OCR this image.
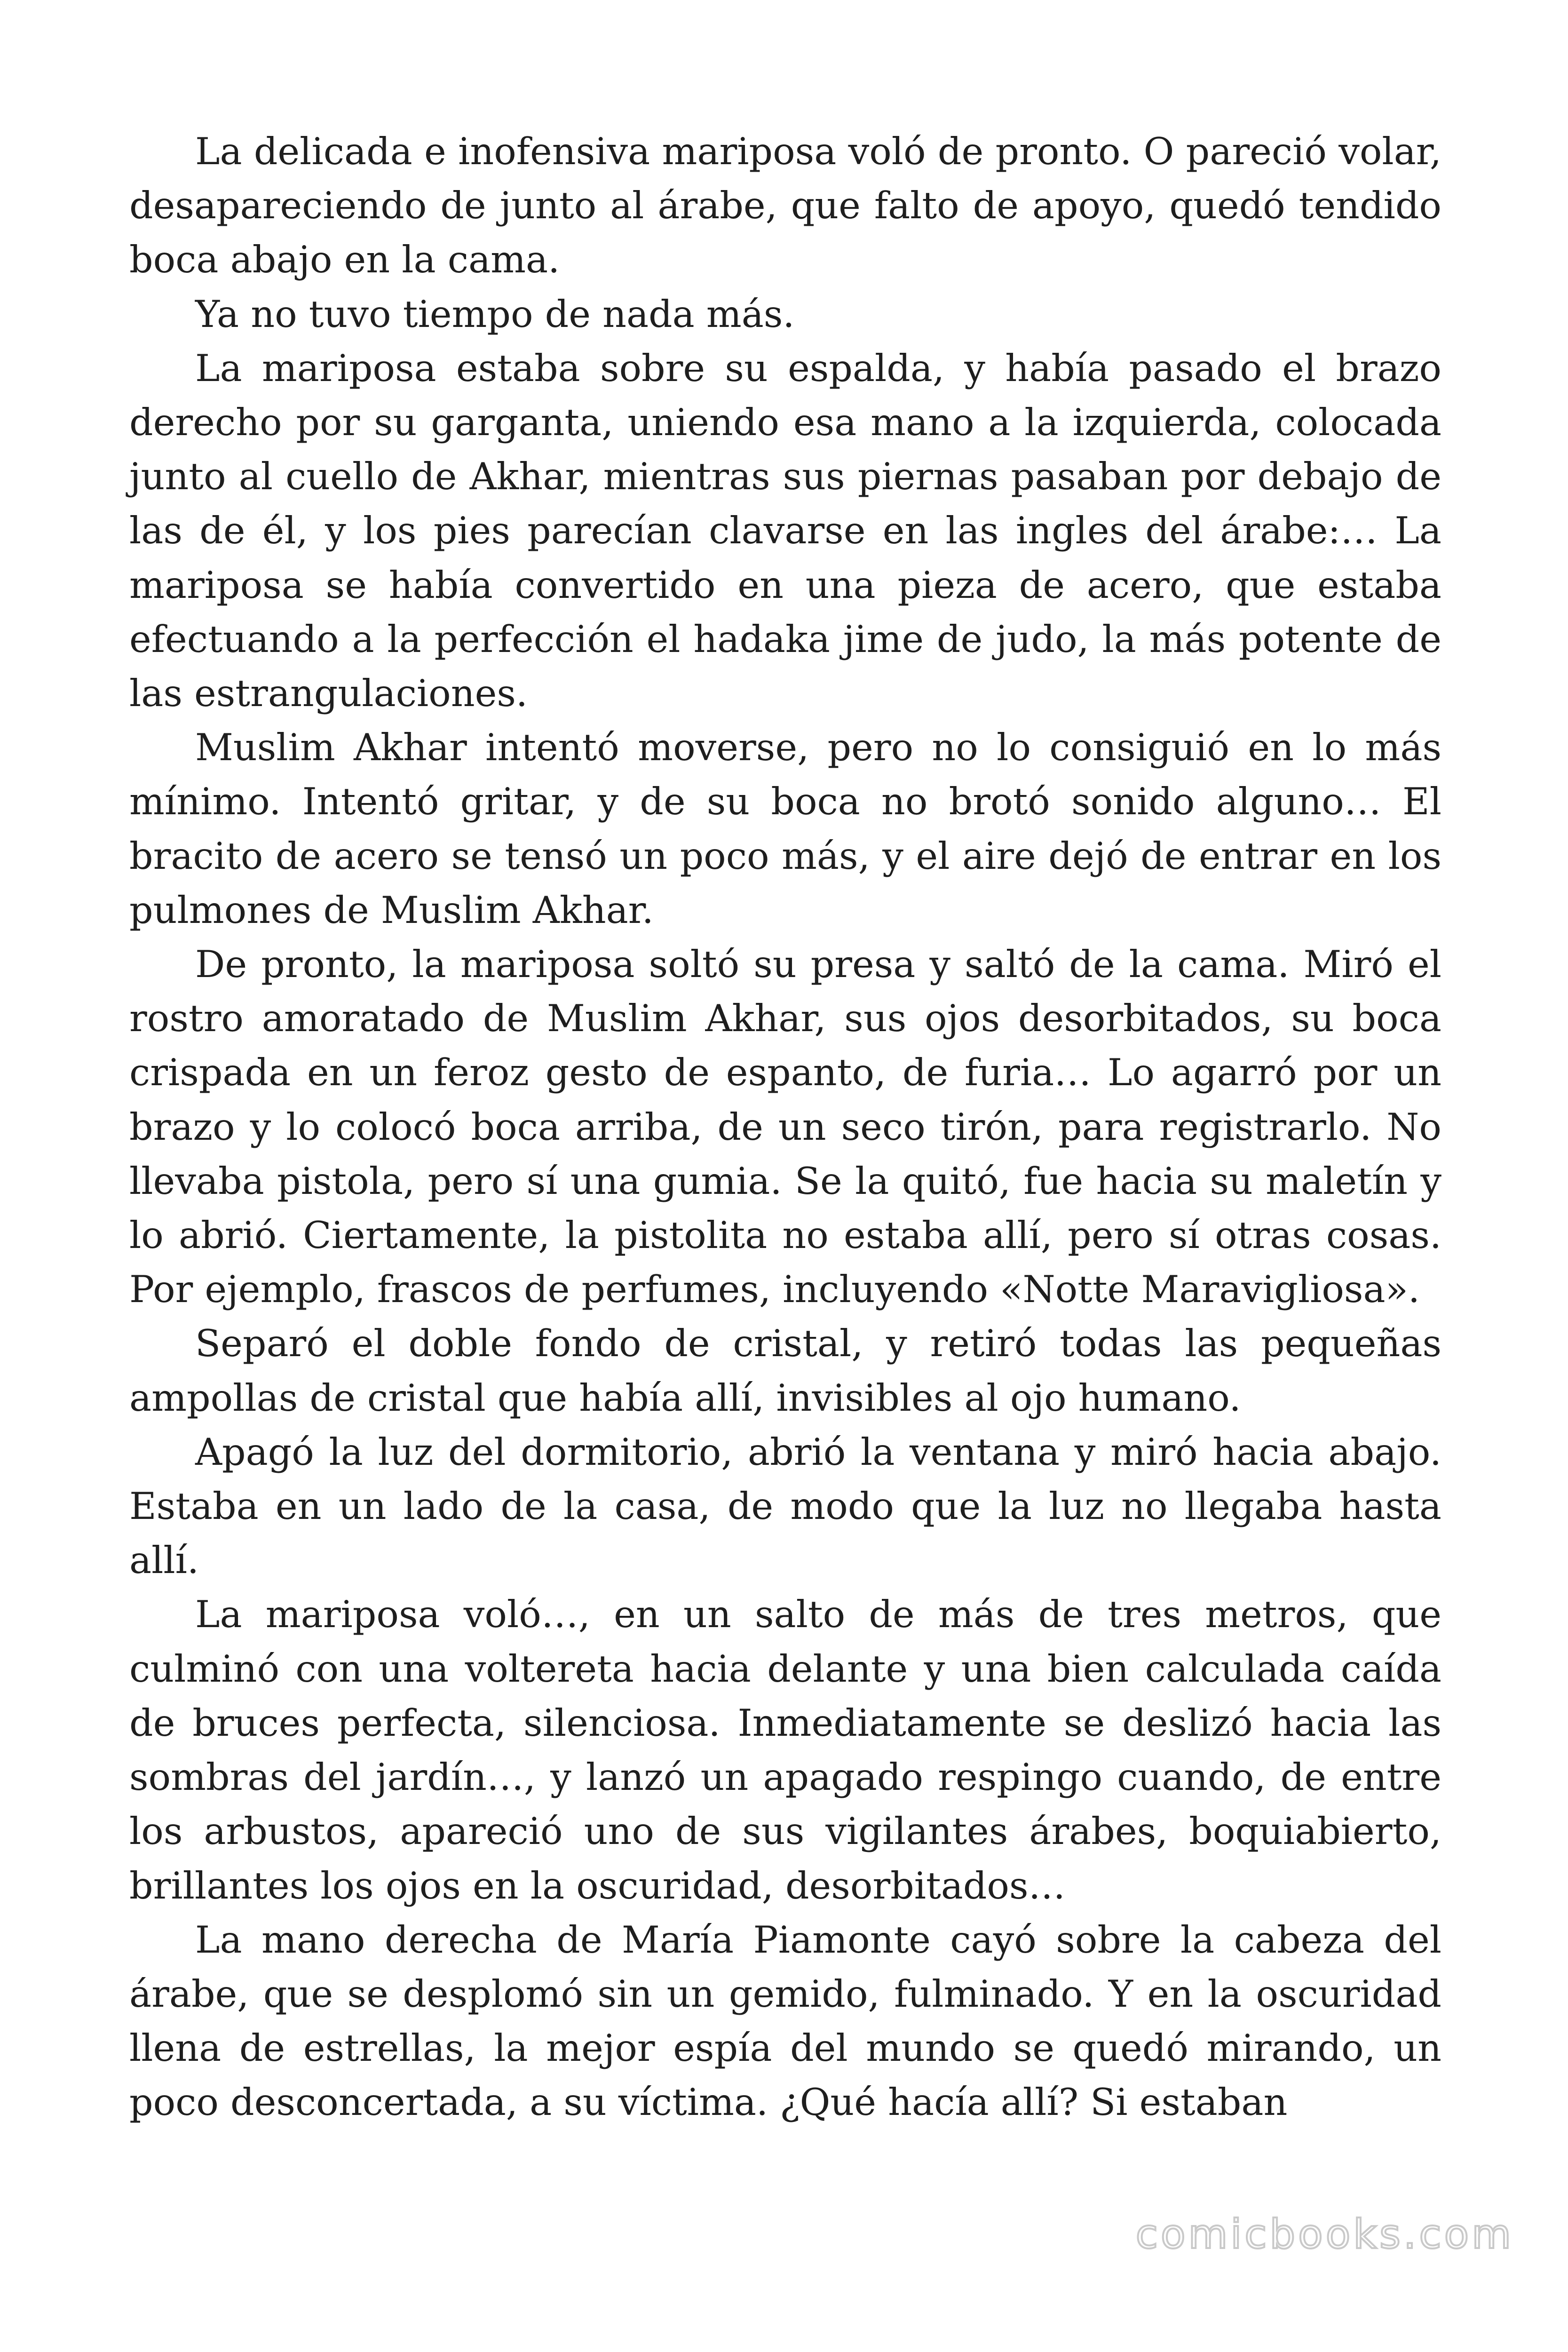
La delicada e inofensiva mariposa voló de pronto. O pareció volar, desapareciendo de junto al árabe, que falto de apoyo, quedó tendido boca abajo en la cama.

Ya no tuvo tiempo de nada más.

La mariposa estaba sobre su espalda, y había pasado el brazo derecho por su garganta, uniendo esa mano a la izquierda, colocada junto al cuello de Akhar, mientras sus piernas pasaban por debajo de las de él, y los pies parecían clavarse en las ingles del árabe:… La mariposa se había convertido en una pieza de acero, que estaba efectuando a la perfección el hadaka jime de judo, la más potente de las estrangulaciones.

Muslim Akhar intentó moverse, pero no lo consiguió en lo más mínimo. Intentó gritar, y de su boca no brotó sonido alguno… El bracito de acero se tensó un poco más, y el aire dejó de entrar en los pulmones de Muslim Akhar.

De pronto, la mariposa soltó su presa y saltó de la cama. Miró el rostro amoratado de Muslim Akhar, sus ojos desorbitados, su boca crispada en un feroz gesto de espanto, de furia… Lo agarró por un brazo y lo colocó boca arriba, de un seco tirón, para registrarlo. No llevaba pistola, pero sí una gumia. Se la quitó, fue hacia su maletín y lo abrió. Ciertamente, la pistolita no estaba allí, pero sí otras cosas. Por ejemplo, frascos de perfumes, incluyendo «Notte Maravigliosa».

Separó el doble fondo de cristal, y retiró todas las pequeñas ampollas de cristal que había allí, invisibles al ojo humano.

Apagó la luz del dormitorio, abrió la ventana y miró hacia abajo. Estaba en un lado de la casa, de modo que la luz no llegaba hasta allí.

La mariposa voló…, en un salto de más de tres metros, que culminó con una voltereta hacia delante y una bien calculada caída de bruces perfecta, silenciosa. Inmediatamente se deslizó hacia las sombras del jardín…, y lanzó un apagado respingo cuando, de entre los arbustos, apareció uno de sus vigilantes árabes, boquiabierto, brillantes los ojos en la oscuridad, desorbitados…

La mano derecha de María Piamonte cayó sobre la cabeza del árabe, que se desplomó sin un gemido, fulminado. Y en la oscuridad llena de estrellas, la mejor espía del mundo se quedó mirando, un poco desconcertada, a su víctima. ¿Qué hacía allí? Si estaban

comicbooks.com
